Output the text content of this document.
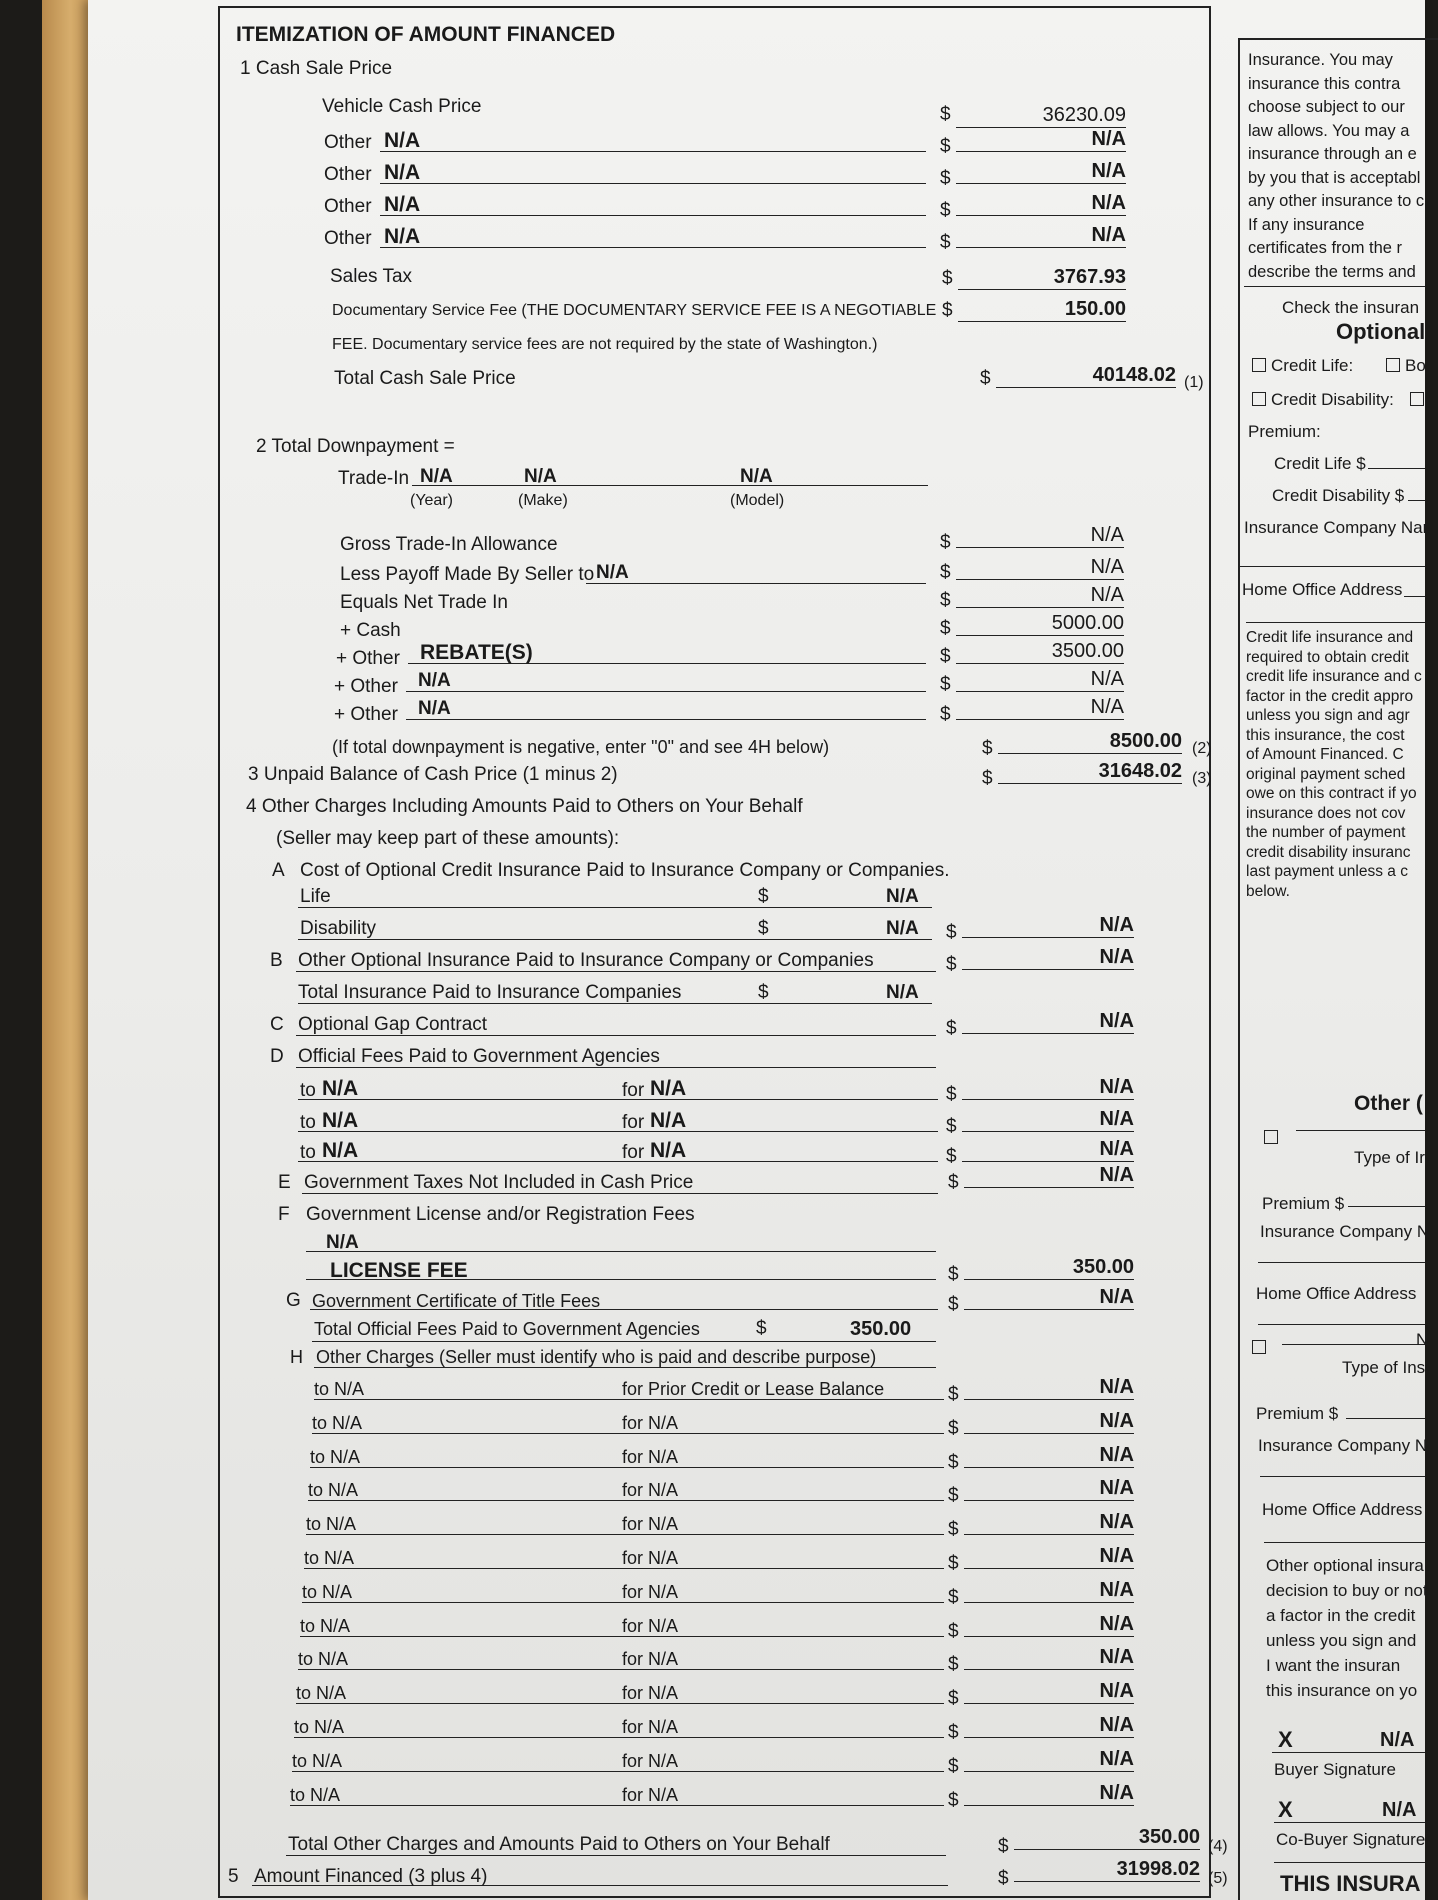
ITEMIZATION OF AMOUNT FINANCED
1 Cash Sale Price
Vehicle Cash Price	$	36230.09
Other N/A	$	N/A
Other N/A	$	N/A
Other N/A	$	N/A
Other N/A	$	N/A
Sales Tax	$	3767.93
Documentary Service Fee (THE DOCUMENTARY SERVICE FEE IS A NEGOTIABLE $	150.00
FEE. Documentary service fees are not required by the state of Washington.)
Total Cash Sale Price	$	40148.02 (1)
2 Total Downpayment =
Trade-In N/A	N/A	N/A
(Year)	(Make)	(Model)
Gross Trade-In Allowance	$	N/A
Less Payoff Made By Seller to N/A	$	N/A
Equals Net Trade In	$	N/A
+ Cash	$	5000.00
+ Other REBATE(S)	$	3500.00
+ Other N/A	$	N/A
+ Other N/A	$	N/A
(If total downpayment is negative, enter "0" and see 4H below)	$	8500.00 (2)
3 Unpaid Balance of Cash Price (1 minus 2)	$	31648.02 (3)
4 Other Charges Including Amounts Paid to Others on Your Behalf
(Seller may keep part of these amounts):
A Cost of Optional Credit Insurance Paid to Insurance Company or Companies.
Life	$	N/A
Disability	$	N/A $	N/A
B Other Optional Insurance Paid to Insurance Company or Companies	$	N/A
Total Insurance Paid to Insurance Companies	$	N/A
C Optional Gap Contract	$	N/A
D Official Fees Paid to Government Agencies
to N/A	for N/A	$	N/A
to N/A	for N/A	$	N/A
to N/A	for N/A	$	N/A
E Government Taxes Not Included in Cash Price	$	N/A
F Government License and/or Registration Fees
N/A
LICENSE FEE	$	350.00
G Government Certificate of Title Fees	$	N/A
Total Official Fees Paid to Government Agencies	$	350.00
H Other Charges (Seller must identify who is paid and describe purpose)
to N/A	for Prior Credit or Lease Balance	$	N/A
to N/A	for N/A	$	N/A
to N/A	for N/A	$	N/A
to N/A	for N/A	$	N/A
to N/A	for N/A	$	N/A
to N/A	for N/A	$	N/A
to N/A	for N/A	$	N/A
to N/A	for N/A	$	N/A
to N/A	for N/A	$	N/A
to N/A	for N/A	$	N/A
to N/A	for N/A	$	N/A
to N/A	for N/A	$	N/A
to N/A	for N/A	$	N/A
Total Other Charges and Amounts Paid to Others on Your Behalf	$	350.00 (4)
5 Amount Financed (3 plus 4)	$	31998.02 (5)
Insurance. You may
insurance this contra
choose subject to our
law allows. You may a
insurance through an e
by you that is acceptabl
any other insurance to c
If any insurance
certificates from the r
describe the terms and
Check the insuran
Optional
Credit Life:	Bo
Credit Disability:
Premium:
Credit Life $
Credit Disability $
Insurance Company Nar
Home Office Address
Credit life insurance and
required to obtain credit
credit life insurance and c
factor in the credit appro
unless you sign and agr
this insurance, the cost
of Amount Financed. C
original payment sched
owe on this contract if yo
insurance does not cov
the number of payment
credit disability insuranc
last payment unless a c
below.
Other (
Type of Ir
Premium $
Insurance Company N
Home Office Address
N
Type of Ins
Premium $
Insurance Company N
Home Office Address
Other optional insura
decision to buy or not
a factor in the credit
unless you sign and
I want the insuran
this insurance on yo
X	N/A
Buyer Signature
X	N/A
Co-Buyer Signature
THIS INSURA
